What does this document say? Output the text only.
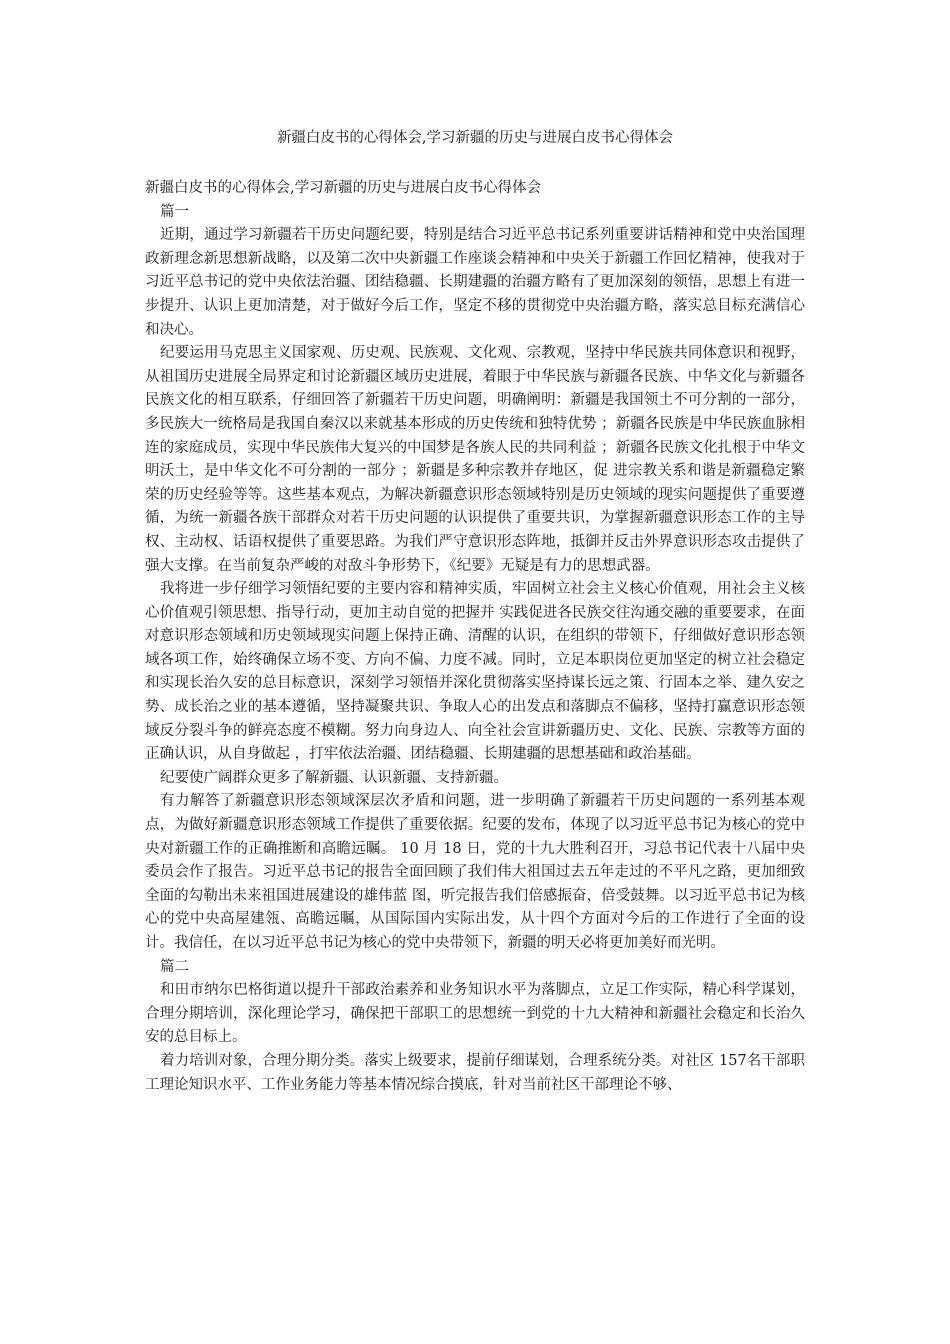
新疆白皮书的心得体会,学习新疆的历史与进展白皮书心得体会

新疆白皮书的心得体会,学习新疆的历史与进展白皮书心得体会

篇一

近期，通过学习新疆若干历史问题纪要，特别是结合习近平总书记系列重要讲话精神和党中央治国理政新理念新思想新战略，以及第二次中央新疆工作座谈会精神和中央关于新疆工作回忆精神，使我对于习近平总书记的党中央依法治疆、团结稳疆、长期建疆的治疆方略有了更加深刻的领悟，思想上有进一步提升、认识上更加清楚，对于做好今后工作，坚定不移的贯彻党中央治疆方略，落实总目标充满信心和决心。

纪要运用马克思主义国家观、历史观、民族观、文化观、宗教观，坚持中华民族共同体意识和视野，从祖国历史进展全局界定和讨论新疆区域历史进展，着眼于中华民族与新疆各民族、中华文化与新疆各民族文化的相互联系，仔细回答了新疆若干历史问题，明确阐明：新疆是我国领土不可分割的一部分，多民族大一统格局是我国自秦汉以来就基本形成的历史传统和独特优势 ；新疆各民族是中华民族血脉相连的家庭成员，实现中华民族伟大复兴的中国梦是各族人民的共同利益 ；新疆各民族文化扎根于中华文明沃土，是中华文化不可分割的一部分 ；新疆是多种宗教并存地区，促 进宗教关系和谐是新疆稳定繁荣的历史经验等等。这些基本观点，为解决新疆意识形态领域特别是历史领域的现实问题提供了重要遵循，为统一新疆各族干部群众对若干历史问题的认识提供了重要共识，为掌握新疆意识形态工作的主导权、主动权、话语权提供了重要思路。为我们严守意识形态阵地，抵御并反击外界意识形态攻击提供了强大支撑。在当前复杂严峻的对敌斗争形势下，《纪要》无疑是有力的思想武器。

我将进一步仔细学习领悟纪要的主要内容和精神实质，牢固树立社会主义核心价值观，用社会主义核心价值观引领思想、指导行动，更加主动自觉的把握并 实践促进各民族交往沟通交融的重要要求，在面对意识形态领域和历史领域现实问题上保持正确、清醒的认识，在组织的带领下，仔细做好意识形态领域各项工作，始终确保立场不变、方向不偏、力度不减。同时，立足本职岗位更加坚定的树立社会稳定和实现长治久安的总目标意识，深刻学习领悟并深化贯彻落实坚持谋长远之策、行固本之举、建久安之势、成长治之业的基本遵循，坚持凝聚共识、争取人心的出发点和落脚点不偏移，坚持打赢意识形态领域反分裂斗争的鲜亮态度不模糊。努力向身边人、向全社会宣讲新疆历史、文化、民族、宗教等方面的正确认识，从自身做起 ，打牢依法治疆、团结稳疆、长期建疆的思想基础和政治基础。

纪要使广阔群众更多了解新疆、认识新疆、支持新疆。

有力解答了新疆意识形态领域深层次矛盾和问题，进一步明确了新疆若干历史问题的一系列基本观点，为做好新疆意识形态领域工作提供了重要依据。纪要的发布，体现了以习近平总书记为核心的党中央对新疆工作的正确推断和高瞻远瞩。 10 月 18 日，党的十九大胜利召开，习总书记代表十八届中央委员会作了报告。习近平总书记的报告全面回顾了我们伟大祖国过去五年走过的不平凡之路，更加细致全面的勾勒出未来祖国进展建设的雄伟蓝 图，听完报告我们倍感振奋，倍受鼓舞。以习近平总书记为核心的党中央高屋建瓴、高瞻远瞩，从国际国内实际出发，从十四个方面对今后的工作进行了全面的设计。我信任，在以习近平总书记为核心的党中央带领下，新疆的明天必将更加美好而光明。

篇二

和田市纳尔巴格街道以提升干部政治素养和业务知识水平为落脚点，立足工作实际，精心科学谋划，合理分期培训，深化理论学习，确保把干部职工的思想统一到党的十九大精神和新疆社会稳定和长治久安的总目标上。

着力培训对象，合理分期分类。落实上级要求，提前仔细谋划，合理系统分类。对社区 157名干部职工理论知识水平、工作业务能力等基本情况综合摸底，针对当前社区干部理论不够、
